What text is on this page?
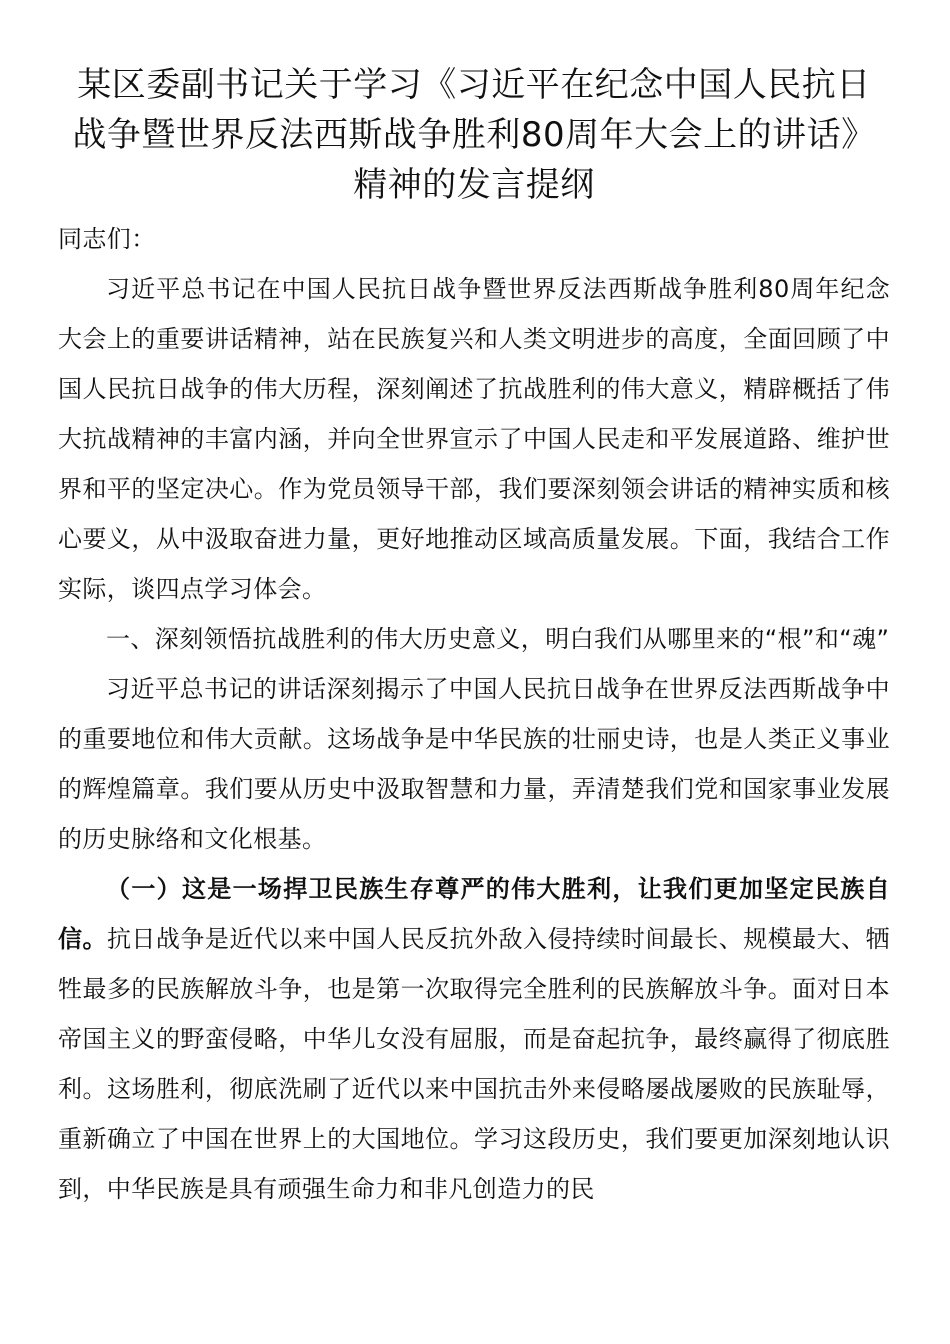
某区委副书记关于学习《习近平在纪念中国人民抗日
战争暨世界反法西斯战争胜利80周年大会上的讲话》
精神的发言提纲

同志们：

习近平总书记在中国人民抗日战争暨世界反法西斯战争胜利80周年纪念大会上的重要讲话精神，站在民族复兴和人类文明进步的高度，全面回顾了中国人民抗日战争的伟大历程，深刻阐述了抗战胜利的伟大意义，精辟概括了伟大抗战精神的丰富内涵，并向全世界宣示了中国人民走和平发展道路、维护世界和平的坚定决心。作为党员领导干部，我们要深刻领会讲话的精神实质和核心要义，从中汲取奋进力量，更好地推动区域高质量发展。下面，我结合工作实际，谈四点学习体会。

一、深刻领悟抗战胜利的伟大历史意义，明白我们从哪里来的“根”和“魂”

习近平总书记的讲话深刻揭示了中国人民抗日战争在世界反法西斯战争中的重要地位和伟大贡献。这场战争是中华民族的壮丽史诗，也是人类正义事业的辉煌篇章。我们要从历史中汲取智慧和力量，弄清楚我们党和国家事业发展的历史脉络和文化根基。

（一）这是一场捍卫民族生存尊严的伟大胜利，让我们更加坚定民族自信。抗日战争是近代以来中国人民反抗外敌入侵持续时间最长、规模最大、牺牲最多的民族解放斗争，也是第一次取得完全胜利的民族解放斗争。面对日本帝国主义的野蛮侵略，中华儿女没有屈服，而是奋起抗争，最终赢得了彻底胜利。这场胜利，彻底洗刷了近代以来中国抗击外来侵略屡战屡败的民族耻辱，重新确立了中国在世界上的大国地位。学习这段历史，我们要更加深刻地认识到，中华民族是具有顽强生命力和非凡创造力的民
